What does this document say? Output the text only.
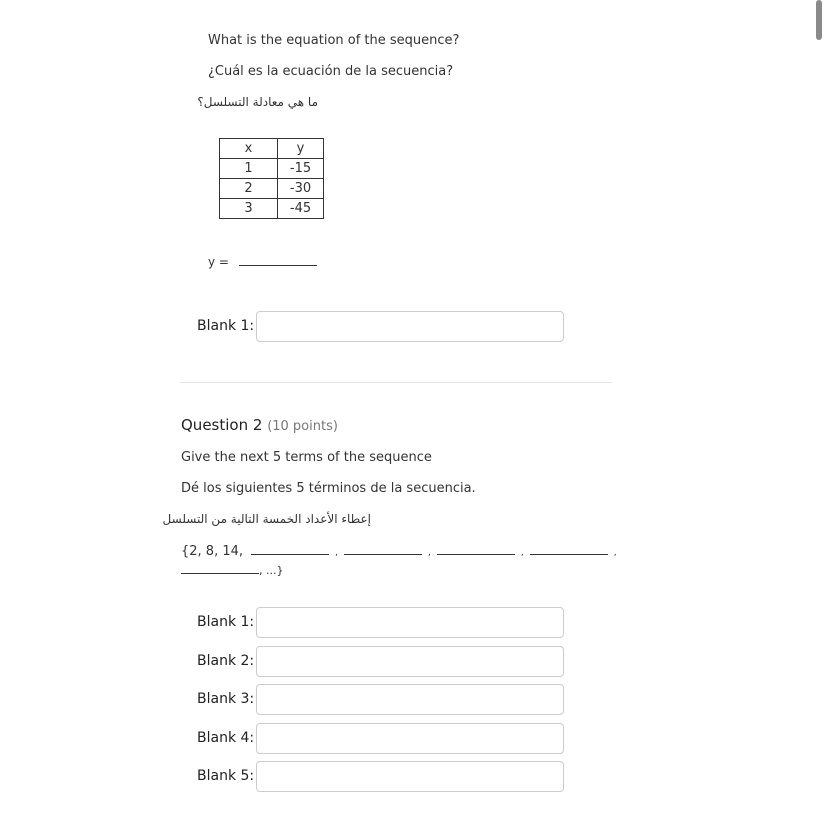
What is the equation of the sequence?
¿Cuál es la ecuación de la secuencia?
ما هي معادلة التسلسل؟
x	y
1	-15
2	-30
3	-45
y =
Blank 1:
Question 2 (10 points)
Give the next 5 terms of the sequence
Dé los siguientes 5 términos de la secuencia.
إعطاء الأعداد الخمسة التالية من التسلسل
{2, 8, 14,	,	,	,	,
, ...}
Blank 1:
Blank 2:
Blank 3:
Blank 4:
Blank 5:
